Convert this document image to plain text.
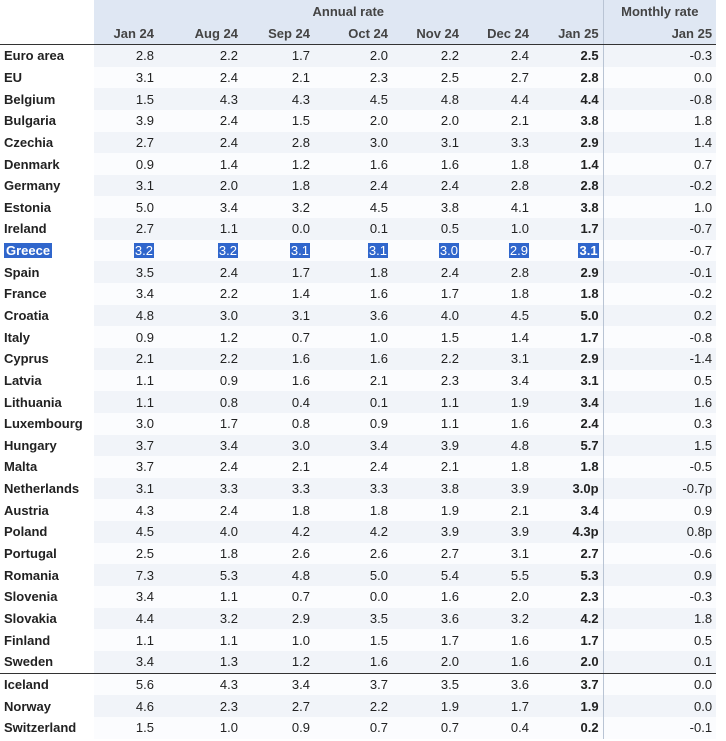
	Annual rate							Monthly rate
	Jan 24	Aug 24	Sep 24	Oct 24	Nov 24	Dec 24	Jan 25	Jan 25
Euro area	2.8	2.2	1.7	2.0	2.2	2.4	2.5	-0.3
EU	3.1	2.4	2.1	2.3	2.5	2.7	2.8	0.0
Belgium	1.5	4.3	4.3	4.5	4.8	4.4	4.4	-0.8
Bulgaria	3.9	2.4	1.5	2.0	2.0	2.1	3.8	1.8
Czechia	2.7	2.4	2.8	3.0	3.1	3.3	2.9	1.4
Denmark	0.9	1.4	1.2	1.6	1.6	1.8	1.4	0.7
Germany	3.1	2.0	1.8	2.4	2.4	2.8	2.8	-0.2
Estonia	5.0	3.4	3.2	4.5	3.8	4.1	3.8	1.0
Ireland	2.7	1.1	0.0	0.1	0.5	1.0	1.7	-0.7
Greece	3.2	3.2	3.1	3.1	3.0	2.9	3.1	-0.7
Spain	3.5	2.4	1.7	1.8	2.4	2.8	2.9	-0.1
France	3.4	2.2	1.4	1.6	1.7	1.8	1.8	-0.2
Croatia	4.8	3.0	3.1	3.6	4.0	4.5	5.0	0.2
Italy	0.9	1.2	0.7	1.0	1.5	1.4	1.7	-0.8
Cyprus	2.1	2.2	1.6	1.6	2.2	3.1	2.9	-1.4
Latvia	1.1	0.9	1.6	2.1	2.3	3.4	3.1	0.5
Lithuania	1.1	0.8	0.4	0.1	1.1	1.9	3.4	1.6
Luxembourg	3.0	1.7	0.8	0.9	1.1	1.6	2.4	0.3
Hungary	3.7	3.4	3.0	3.4	3.9	4.8	5.7	1.5
Malta	3.7	2.4	2.1	2.4	2.1	1.8	1.8	-0.5
Netherlands	3.1	3.3	3.3	3.3	3.8	3.9	3.0p	-0.7p
Austria	4.3	2.4	1.8	1.8	1.9	2.1	3.4	0.9
Poland	4.5	4.0	4.2	4.2	3.9	3.9	4.3p	0.8p
Portugal	2.5	1.8	2.6	2.6	2.7	3.1	2.7	-0.6
Romania	7.3	5.3	4.8	5.0	5.4	5.5	5.3	0.9
Slovenia	3.4	1.1	0.7	0.0	1.6	2.0	2.3	-0.3
Slovakia	4.4	3.2	2.9	3.5	3.6	3.2	4.2	1.8
Finland	1.1	1.1	1.0	1.5	1.7	1.6	1.7	0.5
Sweden	3.4	1.3	1.2	1.6	2.0	1.6	2.0	0.1
Iceland	5.6	4.3	3.4	3.7	3.5	3.6	3.7	0.0
Norway	4.6	2.3	2.7	2.2	1.9	1.7	1.9	0.0
Switzerland	1.5	1.0	0.9	0.7	0.7	0.4	0.2	-0.1
